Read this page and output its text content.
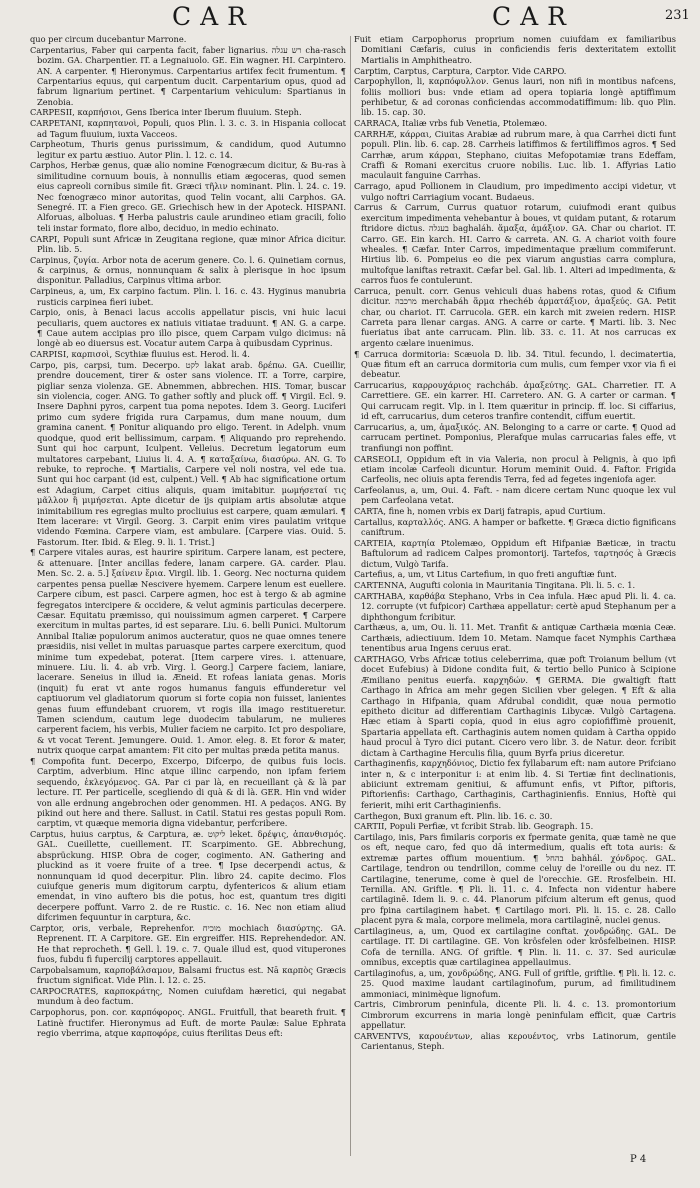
CAR	CAR	231

quo per circum ducebantur Marrone.

Carpentarius, Faber qui carpenta facit, faber lignarius. רש עגלה cha-rasch bozim. GA. Charpentier. IT. a Legnaiuolo. GE. Ein wagner. HI. Carpintero. AN. A carpenter. ¶ Hieronymus. Carpentarius artifex fecit frumentum. ¶ Carpentarius equus, qui carpentum ducit. Carpentarium opus, quod ad fabrum lignarium pertinet. ¶ Carpentarium vehiculum: Spartianus in Zenobia.

CARPESII, καρπήσιοι, Gens Iberica inter Iberum fluuium. Steph.

CARPETANI, καρπητανοὶ, Populi, quos Plin. l. 3. c. 3. in Hispania collocat ad Tagum fluuium, iuxta Vacceos.

Carpheotum, Thuris genus purissimum, & candidum, quod Autumno legitur ex partu æstiuo. Autor Plin. l. 12. c. 14.

Carphos, Herbæ genus, quæ alio nomine Fœnogræcum dicitur, & Bu-ras à similitudine cornuum bouis, à nonnullis etiam ægoceras, quod semen eius capreoli cornibus simile fit. Græci τῆλιν nominant. Plin. l. 24. c. 19. Nec fœnogræco minor autoritas, quod Telin vocant, alii Carphos. GA. Senegré. IT. a Fien greco. GE. Griechisch hew in der Apoteck. HISPANI. Alforuas, alboluas. ¶ Herba palustris caule arundineo etiam gracili, folio teli instar formato, flore albo, deciduo, in medio echinato.

CARPI, Populi sunt Africæ in Zeugitana regione, quæ minor Africa dicitur. Plin. lib. 5.

Carpinus, ζυγία. Arbor nota de acerum genere. Co. l. 6. Quinetiam cornus, & carpinus, & ornus, nonnunquam & salix à plerisque in hoc ipsum disponitur. Palladius, Carpinus vltima arbor.

Carpineus, a, um, Ex carpino factum. Plin. l. 16. c. 43. Hyginus manubria rusticis carpinea fieri iubet.

Carpio, onis, à Benaci lacus accolis appellatur piscis, vni huic lacui peculiaris, quem auctores ex natiuis vitiatae traduunt. ¶ AN. G. a carpe. ¶ Caue autem accipias pro illo pisce, quem Carpam vulgo dicimus: nā longè ab eo diuersus est. Vocatur autem Carpa à quibusdam Cyprinus.

CARPISI, καρπισοὶ, Scythiæ fluuius est. Herod. li. 4.

Carpo, pis, carpsi, tum. Decerpo. לקט lakat arab. δρέπω. GA. Cueillir, prendre doucement, tirer & oster sans violence. IT. a Torre, carpire, pigliar senza violenza. GE. Abnemmen, abbrechen. HIS. Tomar, buscar sin violencia, coger. ANG. To gather softly and pluck off. ¶ Virgil. Ecl. 9. Insere Daphni pyros, carpent tua poma nepotes. Idem 3. Georg. Luciferi primo cum sydere frigida rura Carpamus, dum mane nouum, dum gramina canent. ¶ Ponitur aliquando pro eligo. Terent. in Adelph. vnum quodque, quod erit bellissimum, carpam. ¶ Aliquando pro reprehendo. Sunt qui hoc carpunt, Iculpent. Velleius. Decretum legatorum eum multatores carpebant, Liuius li. 4. A. ¶ καταξαίνω, διασύρω. AN. G. To rebuke, to reproche. ¶ Martialis, Carpere vel noli nostra, vel ede tua. Sunt qui hoc carpant (id est, culpent.) Vell. ¶ Ab hac significatione ortum est Adagium, Carpet citius aliquis, quam imitabitur. μωμήσεταί τις μᾶλλον ἢ μιμήσεται. Apte dicetur de ijs quipiam artis absolutæ atque inimitabilium res egregias multo procliuius est carpere, quam æmulari. ¶ Item lacerare: vt Virgil. Georg. 3. Carpit enim vires paulatim vritque videndo Fœmina. Carpere viam, est ambulare. [Carpere vias. Ouid. 5. Fastorum. Iter. Ibid. & Eleg. 9. li. 1. Trist.]

¶ Carpere vitales auras, est haurire spiritum. Carpere lanam, est pectere, & attenuare. [Inter ancillas federe, lanam carpere. GA. carder. Plau. Men. Sc. 2. a. 5.] ξαίνειν ἔρια. Virgil. lib. 1. Georg. Nec nocturna quidem carpentes pensa puellæ Nescivere hyemem. Carpere lenum est euellere. Carpere cibum, est pasci. Carpere agmen, hoc est à tergo & ab agmine fegregatos intercipere & occidere, & velut agminis particulas decerpere. Cæsar. Equitatu præmisso, qui nouissimum agmen carperet. ¶ Carpere exercitum in multas partes, id est separare. Liu. 6. belli Punici. Multorum Annibal Italiæ populorum animos aucteratur, quos ne quae omnes tenere præsidiis, nisi vellet in multas paruasque partes carpere exercitum, quod minime tum expedebat, poterat. [Item carpere vires. i. attenuare, minuere. Liu. li. 4. ab vrb. Virg. l. Georg.] Carpere faciem, laniare, lacerare. Seneius in illud ia. Æneid. Et rofeas laniata genas. Moris (inquit) fu erat vt ante rogos humanus fanguis effunderetur vel captiuorum vel gladiatorum quorum si forte copia non fuisset, lanientes genas fuum effundebant cruorem, vt rogis illa imago restitueretur. Tamen sciendum, cautum lege duodecim tabularum, ne mulieres carperent faciem, his verbis, Mulier faciem ne carpito. Ict pro despoliare, & vt vocat Terent. Jemungere. Ouid. 1. Amor. eleg. 8. Et foror & mater, nutrix quoque carpat amantem: Fit cito per multas præda petita manus.

¶ Compofita funt. Decerpo, Excerpo, Difcerpo, de quibus fuis locis. Carptim, adverbium. Hinc atque illinc carpendo, non ipfam feriem sequendo, ἐκλεγόμενος. GA. Par ci par là, en recueillant çà & là par lecture. IT. Per particelle, scegliendo di quà & di là. GER. Hin vnd wider von alle erdnung angebrochen oder genommen. HI. A pedaços. ANG. By pikind out here and there. Sallust. in Catil. Statui res gestas populi Rom. carptim, vt quæque memoria digna videbantur, perfcribere.

Carptus, huius carptus, & Carptura, æ. ליקוט leket. δρέψις, ἀπανθισμός. GAL. Cueillette, cueillement. IT. Scarpimento. GE. Abbrechung, absprückung. HISP. Obra de coger, cogimento. AN. Gathering and pluckind as it voere fruite of a tree. ¶ Ipse decerpendi actus, & nonnunquam id quod decerpitur. Plin. libro 24. capite decimo. Flos cuiufque generis mum digitorum carptu, dyfentericos & alium etiam emendat, in vino auftero bis die potus, hoc est, quantum tres digiti decerpere poffunt. Varro 2. de re Rustic. c. 16. Nec non etiam aliud difcrimen fequuntur in carptura, &c.

Carptor, oris, verbale, Reprehenfor. מוכיח mochiach διασύρτης. GA. Reprenent. IT. A Carpitore. GE. Ein ergreiffer. HIS. Reprehendedor. AN. He that reprocheth. ¶ Gell. l. 19. c. 7. Quale illud est, quod vituperones fuos, fubdu fi fupercilij carptores appellauit.

Carpobalsamum, καρποβάλσαμον, Balsami fructus est. Nā καρπὸς Græcis fructum significat. Vide Plin. l. 12. c. 25.

CARPOCRATES, καρποκράτης, Nomen cuiufdam hæretici, qui negabat mundum à deo factum.

Carpophorus, pon. cor. καρπόφορος. ANGL. Fruitfull, that beareth fruit. ¶ Latinè fructifer. Hieronymus ad Euft. de morte Paulæ: Salue Ephrata regio vberrima, atque καρποφόρε, cuius fterilitas Deus eft:

Fuit etiam Carpophorus proprium nomen cuiufdam ex familiaribus Domitiani Cæfaris, cuius in conficiendis feris dexteritatem extollit Martialis in Amphitheatro.

Carptim, Carptus, Carptura, Carptor. Vide CARPO.

Carpophyllon, li, καρπόφυλλον. Genus lauri, non nifi in montibus nafcens, foliis molliori bus: vnde etiam ad opera topiaria longè aptiffimum perhibetur, & ad coronas conficiendas accommodatiffimum: lib. quo Plin. lib. 15. cap. 30.

CARRACA, Italiæ vrbs fub Venetia, Ptolemæo.

CARRHÆ, κάρραι, Ciuitas Arabiæ ad rubrum mare, à qua Carrhei dicti funt populi. Plin. lib. 6. cap. 28. Carrheis latiffimos & fertiliffimos agros. ¶ Sed Carrhæ, arum κάρραι, Stephano, ciuitas Mefopotamiæ trans Edeffam, Craffi & Romani exercitus cruore nobilis. Luc. lib. 1. Affyrias Latio maculauit fanguine Carrhas.

Carrago, apud Pollionem in Claudium, pro impedimento accipi videtur, vt vulgo noftri Carriagium vocant. Budaeus.

Carrus & Carrum, Currus quatuor rotarum, cuiufmodi erant quibus exercitum impedimenta vehebantur à boues, vt quidam putant, & rotarum ftridore dictus. בעגלה baghaláh. ἅμαξα, ἁμάξιον. GA. Char ou chariot. IT. Carro. GE. Ein karch. HI. Carro & carreta. AN. G. A chariot voith foure wheales. ¶ Cæfar. Inter Carros, impedimentaque prælium commiferunt. Hirtius lib. 6. Pompeius eo die pex viarum angustias carra complura, multofque laniftas retraxit. Cæfar bel. Gal. lib. 1. Alteri ad impedimenta, & carros fuos fe contulerunt.

Carruca, penult. corr. Genus vehiculi duas habens rotas, quod & Cifium dicitur. מרכבה merchabáh ἅρμα rhechéb ἁρματάξιον, ἁμαξεύς. GA. Petit char, ou chariot. IT. Carrucola. GER. ein karch mit zweien redern. HISP. Carreta para llenar cargas. ANG. A carre or carte. ¶ Marti. lib. 3. Nec fueriatus ibat ante carrucam. Plin. lib. 33. c. 11. At nos carrucas ex argento cælare inuenimus.

¶ Carruca dormitoria: Scæuola D. lib. 34. Titul. fecundo, l. decimatertia, Quæ fitum eft an carruca dormitoria cum mulis, cum femper vxor via fi ei debeatur.

Carrucarius, καρρουχάριος rachcháb. ἀμαξεύτης. GAL. Charretier. IT. A Carrettiere. GE. ein karrer. HI. Carretero. AN. G. A carter or carman. ¶ Qui carrucam regit. Vlp. in l. Item quæritur in princip. ff. loc. Si ciffarius, id eft, carrucarius, dum ceteros tranfire contendit, ciffum euertit.

Carrucarius, a, um, ἁμαξικός. AN. Belonging to a carre or carte. ¶ Quod ad carrucam pertinet. Pomponius, Plerafque mulas carrucarias fales effe, vt tranfiungi non poffint.

CARSEOLI, Oppidum eft in via Valeria, non procul à Pelignis, à quo ipfi etiam incolæ Carfeoli dicuntur. Horum meminit Ouid. 4. Faftor. Frigida Carfeolis, nec oliuis apta ferendis Terra, fed ad fegetes ingeniofa ager.

Carfeolanus, a, um, Oui. 4. Faft. - nam dicere certam Nunc quoque lex vul pem Carfeolana vetat.

CARTA, fine h, nomen vrbis ex Darij fatrapis, apud Curtium.

Cartallus, καρταλλός. ANG. A hamper or bafkette. ¶ Græca dictio fignificans caniftrum.

CARTEIA, καρτηία Ptolemæo, Oppidum eft Hifpaniæ Bæticæ, in tractu Baftulorum ad radicem Calpes promontorij. Tartefos, ταρτησός à Græcis dictum, Vulgò Tarifa.

Cartefius, a, um, vt Litus Cartefium, in quo freti anguftiæ funt.

CARTENNA, Augufti colonia in Mauritania Tingitana. Pli. li. 5. c. 1.

CARTHABA, καρθάβα Stephano, Vrbs in Cea infula. Hæc apud Pli. li. 4. ca. 12. corrupte (vt fufpicor) Carthæa appellatur: certè apud Stephanum per a diphthongum fcribitur.

Carthæus, a, um, Ou. li. 11. Met. Tranfit & antiquæ Carthæia mœnia Ceæ. Carthæis, adiectiuum. Idem 10. Metam. Namque facet Nymphis Carthæa tenentibus arua Ingens ceruus erat.

CARTHAGO, Vrbs Africæ totius celeberrima, quæ poft Troianum bellum (vt docet Eufebius) à Didone condita fuit, & tertio bello Punico à Scipione Æmiliano penitus euerfa. καρχηδών. ¶ GERMA. Die gwaltigft ftatt Carthago in Africa am mehr gegen Sicilien vber gelegen. ¶ Eft & alia Carthago in Hifpania, quam Afdrubal condidit, quæ noua permotio epitheto dicitur ad differentiam Carthaginis Libycæ. Vulgò Cartagena. Hæc etiam à Sparti copia, quod in eius agro copiofiffimè prouenit, Spartaria appellata eft. Carthaginis autem nomen quidam à Cartha oppido haud procul à Tyro dici putant. Cicero vero libr. 3. de Natur. deor. fcribit dictam à Carthagine Herculis filia, quum Byrfa prius diceretur.

Carthaginenfis, καρχηδόνιος, Dictio fex fyllabarum eft: nam autore Prifciano inter n, & c interponitur i: at enim lib. 4. Si Tertiæ fint declinationis, abiiciunt extremam genitiui, & affumunt enfis, vt Piftor, piftoris, Piftorienfis: Carthago, Carthaginis, Carthaginienfis. Ennius, Hoftè qui ferierit, mihi erit Carthaginienfis.

Carthegon, Buxi granum eft. Plin. lib. 16. c. 30.

CARTII, Populi Perfiæ, vt fcribit Strab. lib. Geograph. 15.

Cartilago, inis, Pars fimilaris corporis ex fpermate genita, quæ tamè ne que os eft, neque caro, fed quo dā intermedium, qualis eft tota auris: & extremæ partes offium mouentium. ¶ בהחל bahhál. χόνδρος. GAL. Cartilage, tendron ou tendrillon, comme celuy de l'oreille ou du nez. IT. Cartilagine, tenerume, come è quel de l'orecchie. GE. Rrosfelbein. HI. Ternilla. AN. Griftle. ¶ Pli. li. 11. c. 4. Infecta non videntur habere cartilaginē. Idem li. 9. c. 44. Planorum pifcium alterum eft genus, quod pro fpina cartilaginem habet. ¶ Cartilago mori. Pli. li. 15. c. 28. Callo placent pyra & mala, corpore melimela, mora cartilaginē, nuclei genus.

Cartilagineus, a, um, Quod ex cartilagine conftat. χονδρώδης. GAL. De cartilage. IT. Di cartilagine. GE. Von krôsfelen oder krôsfelbeinen. HISP. Cofa de ternilla. ANG. Of griftle. ¶ Plin. li. 11. c. 37. Sed auriculæ omnibus, exceptis quæ cartilaginea appellauimus.

Cartilaginofus, a, um, χονδρώδης, ANG. Full of griftle, griftlie. ¶ Pli. li. 12. c. 25. Quod maxime laudant cartilaginofum, purum, ad fimilitudinem ammoniaci, minimèque lignofum.

Cartris, Cimbrorum peninfula, dicente Pli. li. 4. c. 13. promontorium Cimbrorum excurrens in maria longè peninfulam efficit, quæ Cartris appellatur.

CARVENTVS, καρουέντων, alias κερουέντος, vrbs Latinorum, gentile Carientanus, Steph.

P 4
